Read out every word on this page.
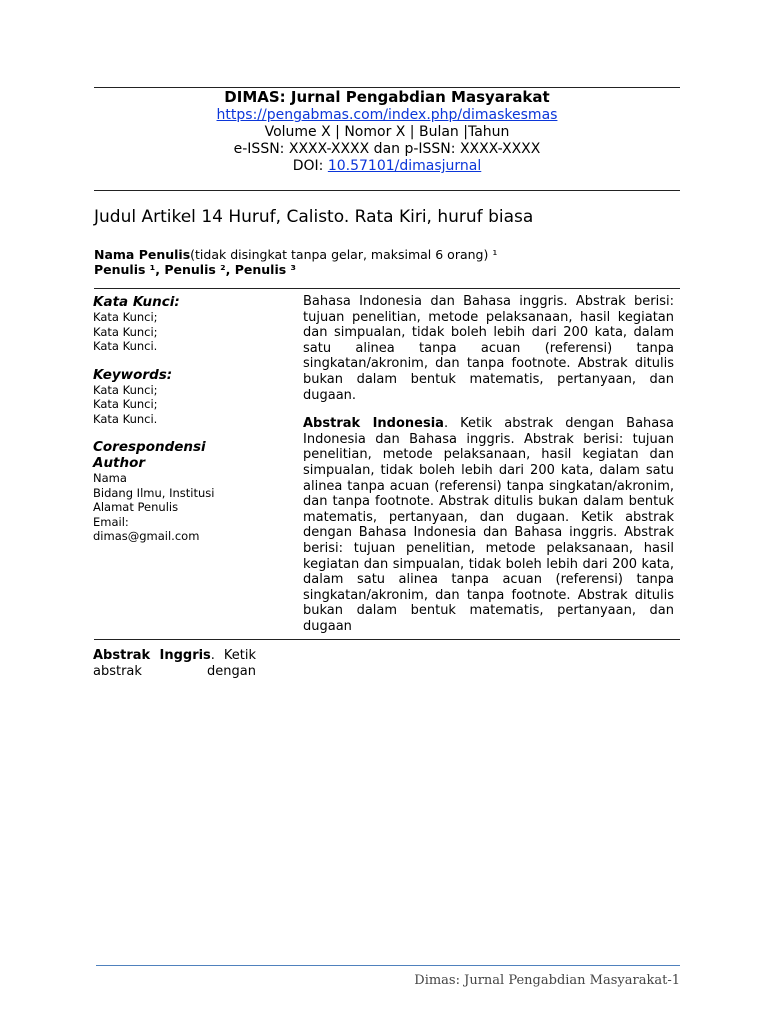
DIMAS: Jurnal Pengabdian Masyarakat
https://pengabmas.com/index.php/dimaskesmas
Volume X | Nomor X | Bulan |Tahun
e-ISSN: XXXX-XXXX dan p-ISSN: XXXX-XXXX
DOI: 10.57101/dimasjurnal
Judul Artikel 14 Huruf, Calisto. Rata Kiri, huruf biasa
Nama Penulis(tidak disingkat tanpa gelar, maksimal 6 orang) ¹
Penulis ¹, Penulis ², Penulis ³
Kata Kunci:
Kata Kunci;
Kata Kunci;
Kata Kunci.
Keywords:
Kata Kunci;
Kata Kunci;
Kata Kunci.
Corespondensi
Author
Nama
Bidang Ilmu, Institusi
Alamat Penulis
Email:
dimas@gmail.com

Bahasa Indonesia dan Bahasa inggris. Abstrak berisi: tujuan penelitian, metode pelaksanaan, hasil kegiatan dan simpualan, tidak boleh lebih dari 200 kata, dalam satu alinea tanpa acuan (referensi) tanpa singkatan/akronim, dan tanpa footnote. Abstrak ditulis bukan dalam bentuk matematis, pertanyaan, dan dugaan.

Abstrak Indonesia. Ketik abstrak dengan Bahasa Indonesia dan Bahasa inggris. Abstrak berisi: tujuan penelitian, metode pelaksanaan, hasil kegiatan dan simpualan, tidak boleh lebih dari 200 kata, dalam satu alinea tanpa acuan (referensi) tanpa singkatan/akronim, dan tanpa footnote. Abstrak ditulis bukan dalam bentuk matematis, pertanyaan, dan dugaan. Ketik abstrak dengan Bahasa Indonesia dan Bahasa inggris. Abstrak berisi: tujuan penelitian, metode pelaksanaan, hasil kegiatan dan simpualan, tidak boleh lebih dari 200 kata, dalam satu alinea tanpa acuan (referensi) tanpa singkatan/akronim, dan tanpa footnote. Abstrak ditulis bukan dalam bentuk matematis, pertanyaan, dan dugaan

Abstrak Inggris. Ketik abstrak dengan
Dimas: Jurnal Pengabdian Masyarakat-1
